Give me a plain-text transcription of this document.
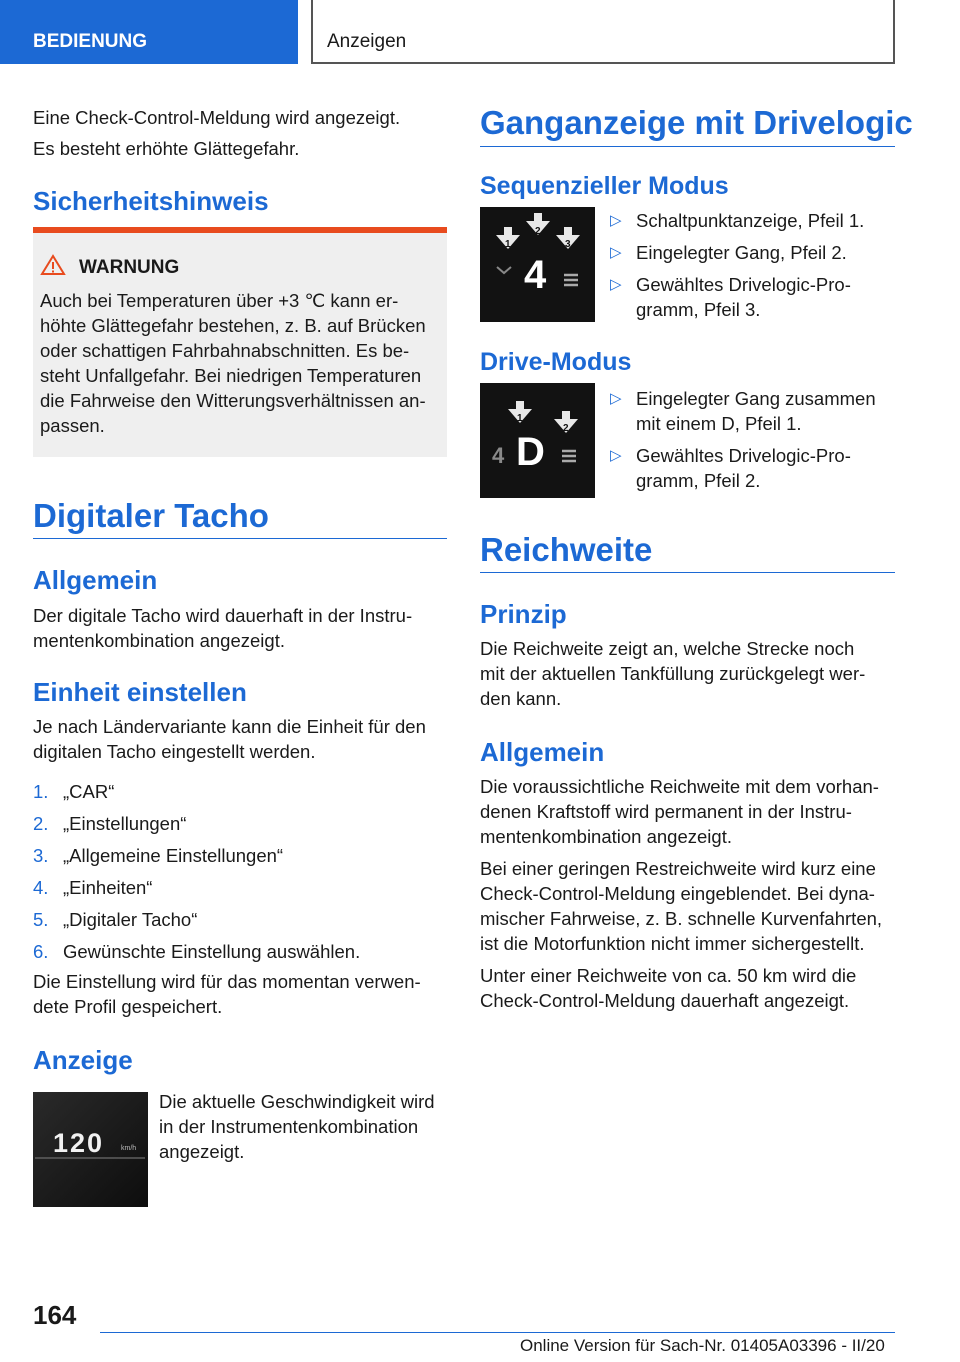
BEDIENUNG	Anzeigen

Eine Check-Control-Meldung wird angezeigt.

Es besteht erhöhte Glättegefahr.

Sicherheitshinweis
WARNUNG

Auch bei Temperaturen über +3 ℃ kann er-

höhte Glättegefahr bestehen, z. B. auf Brücken

oder schattigen Fahrbahnabschnitten. Es be-

steht Unfallgefahr. Bei niedrigen Temperaturen

die Fahrweise den Witterungsverhältnissen an-

passen.

Digitaler Tacho
Allgemein

Der digitale Tacho wird dauerhaft in der Instru-

mentenkombination angezeigt.

Einheit einstellen

Je nach Ländervariante kann die Einheit für den

digitalen Tacho eingestellt werden.

1. „CAR“
2. „Einstellungen“
3. „Allgemeine Einstellungen“
4. „Einheiten“
5. „Digitaler Tacho“
6. Gewünschte Einstellung auswählen.

Die Einstellung wird für das momentan verwen-

dete Profil gespeichert.

Anzeige
120 km/h

Die aktuelle Geschwindigkeit wird

in der Instrumentenkombination

angezeigt.

Ganganzeige mit Drivelogic
Sequenzieller Modus
1
2
3
4
▷ Schaltpunktanzeige, Pfeil 1.
▷ Eingelegter Gang, Pfeil 2.
▷ Gewähltes Drivelogic-Pro-
gramm, Pfeil 3.
Drive-Modus
1
2
4 D
▷ Eingelegter Gang zusammen
mit einem D, Pfeil 1.
▷ Gewähltes Drivelogic-Pro-
gramm, Pfeil 2.
Reichweite
Prinzip

Die Reichweite zeigt an, welche Strecke noch

mit der aktuellen Tankfüllung zurückgelegt wer-

den kann.

Allgemein

Die voraussichtliche Reichweite mit dem vorhan-

denen Kraftstoff wird permanent in der Instru-

mentenkombination angezeigt.

Bei einer geringen Restreichweite wird kurz eine

Check-Control-Meldung eingeblendet. Bei dyna-

mischer Fahrweise, z. B. schnelle Kurvenfahrten,

ist die Motorfunktion nicht immer sichergestellt.

Unter einer Reichweite von ca. 50 km wird die

Check-Control-Meldung dauerhaft angezeigt.

164
Online Version für Sach-Nr. 01405A03396 - II/20
